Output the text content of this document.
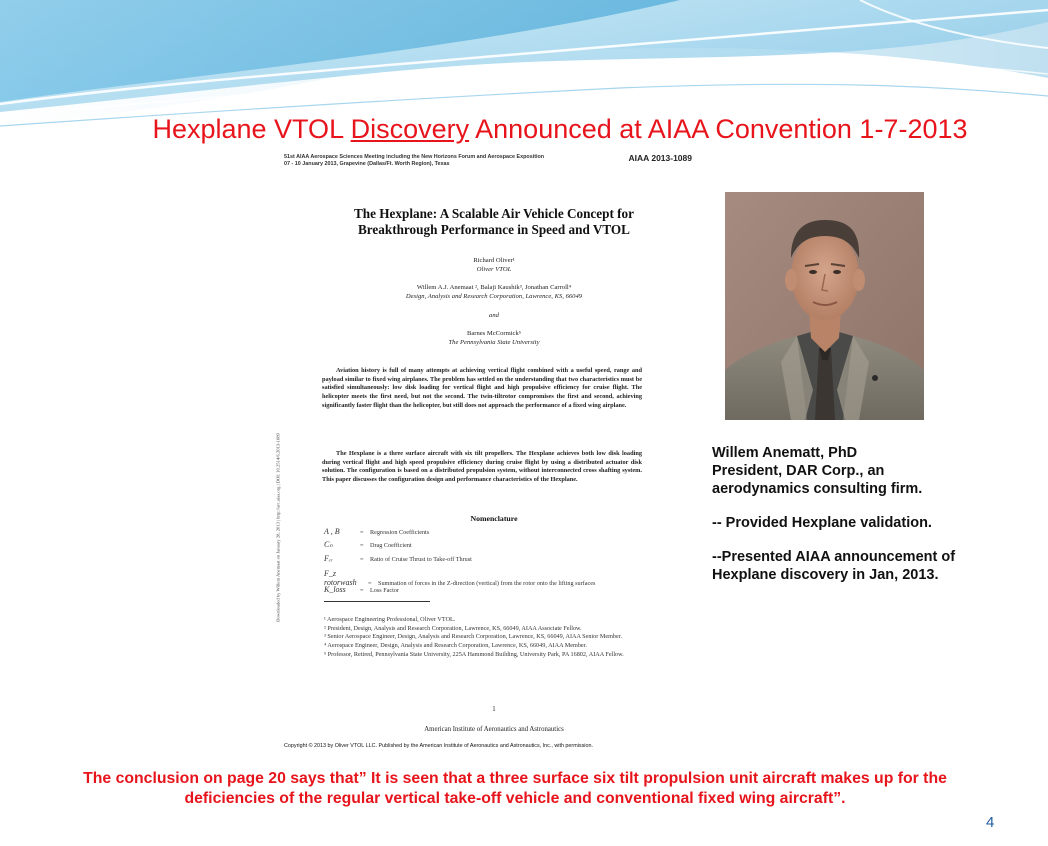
Hexplane VTOL Discovery Announced at AIAA Convention 1-7-2013
51st AIAA Aerospace Sciences Meeting including the New Horizons Forum and Aerospace Exposition
07 - 10 January 2013, Grapevine (Dallas/Ft. Worth Region), Texas
AIAA 2013-1089
Downloaded by Willem Anemaat on January 28, 2013 | http://arc.aiaa.org | DOI: 10.2514/6.2013-1089
The Hexplane: A Scalable Air Vehicle Concept for
Breakthrough Performance in Speed and VTOL
Richard Oliver¹
Oliver VTOL
Willem A.J. Anemaat ², Balaji Kaushik³, Jonathan Carroll⁴
Design, Analysis and Research Corporation, Lawrence, KS, 66049
and
Barnes McCormick⁵
The Pennsylvania State University
Aviation history is full of many attempts at achieving vertical flight combined with a useful speed, range and payload similar to fixed wing airplanes. The problem has settled on the understanding that two characteristics must be satisfied simultaneously: low disk loading for vertical flight and high propulsive efficiency for cruise flight. The helicopter meets the first need, but not the second. The twin-tiltrotor compromises the first and second, achieving significantly faster flight than the helicopter, but still does not approach the performance of a fixed wing airplane.
The Hexplane is a three surface aircraft with six tilt propellers. The Hexplane achieves both low disk loading during vertical flight and high speed propulsive efficiency during cruise flight by using a distributed actuator disk solution. The configuration is based on a distributed propulsion system, without interconnected cross shafting system. This paper discusses the configuration design and performance characteristics of the Hexplane.
Nomenclature
A , B	= Regression Coefficients
Cₙ	= Drag Coefficient
Fₑᵣ	= Ratio of Cruise Thrust to Take-off Thrust
F_z rotorwash = Summation of forces in the Z-direction (vertical) from the rotor onto the lifting surfaces
K_loss = Loss Factor
¹ Aerospace Engineering Professional, Oliver VTOL.
² President, Design, Analysis and Research Corporation, Lawrence, KS, 66049, AIAA Associate Fellow.
³ Senior Aerospace Engineer, Design, Analysis and Research Corporation, Lawrence, KS, 66049, AIAA Senior Member.
⁴ Aerospace Engineer, Design, Analysis and Research Corporation, Lawrence, KS, 66049, AIAA Member.
⁵ Professor, Retired, Pennsylvania State University, 225A Hammond Building, University Park, PA 16802, AIAA Fellow.
1
American Institute of Aeronautics and Astronautics
Copyright © 2013 by Oliver VTOL LLC. Published by the American Institute of Aeronautics and Astronautics, Inc., with permission.

Willem Anematt, PhD

President, DAR Corp., an

aerodynamics consulting firm.

-- Provided Hexplane validation.

--Presented AIAA announcement of

Hexplane discovery in Jan, 2013.

The conclusion on page 20 says that” It is seen that a three surface six tilt propulsion unit aircraft makes up for the
deficiencies of the regular vertical take-off vehicle and conventional fixed wing aircraft”.
4
